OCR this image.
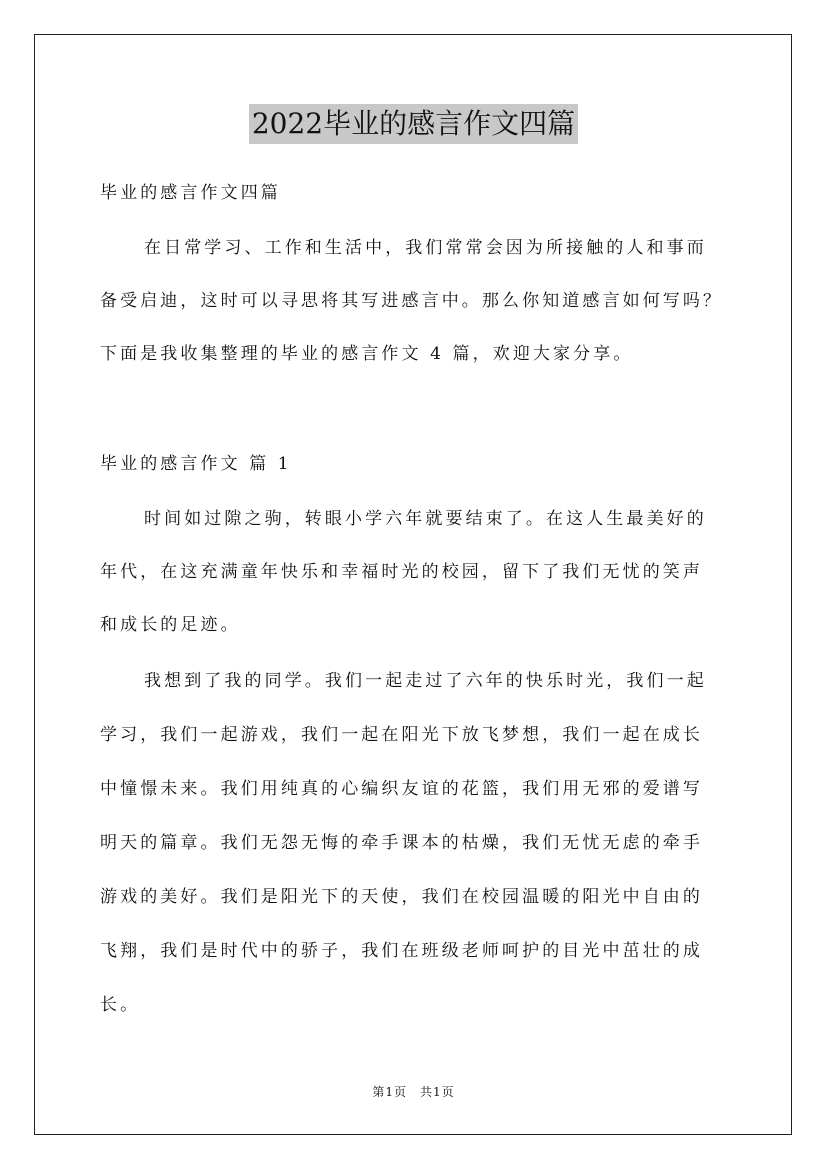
2022毕业的感言作文四篇
毕业的感言作文四篇
在日常学习、工作和生活中，我们常常会因为所接触的人和事而
备受启迪，这时可以寻思将其写进感言中。那么你知道感言如何写吗？
下面是我收集整理的毕业的感言作文 4 篇，欢迎大家分享。
毕业的感言作文 篇 1
时间如过隙之驹，转眼小学六年就要结束了。在这人生最美好的
年代，在这充满童年快乐和幸福时光的校园，留下了我们无忧的笑声
和成长的足迹。
我想到了我的同学。我们一起走过了六年的快乐时光，我们一起
学习，我们一起游戏，我们一起在阳光下放飞梦想，我们一起在成长
中憧憬未来。我们用纯真的心编织友谊的花篮，我们用无邪的爱谱写
明天的篇章。我们无怨无悔的牵手课本的枯燥，我们无忧无虑的牵手
游戏的美好。我们是阳光下的天使，我们在校园温暖的阳光中自由的
飞翔，我们是时代中的骄子，我们在班级老师呵护的目光中茁壮的成
长。
第1页　共1页
